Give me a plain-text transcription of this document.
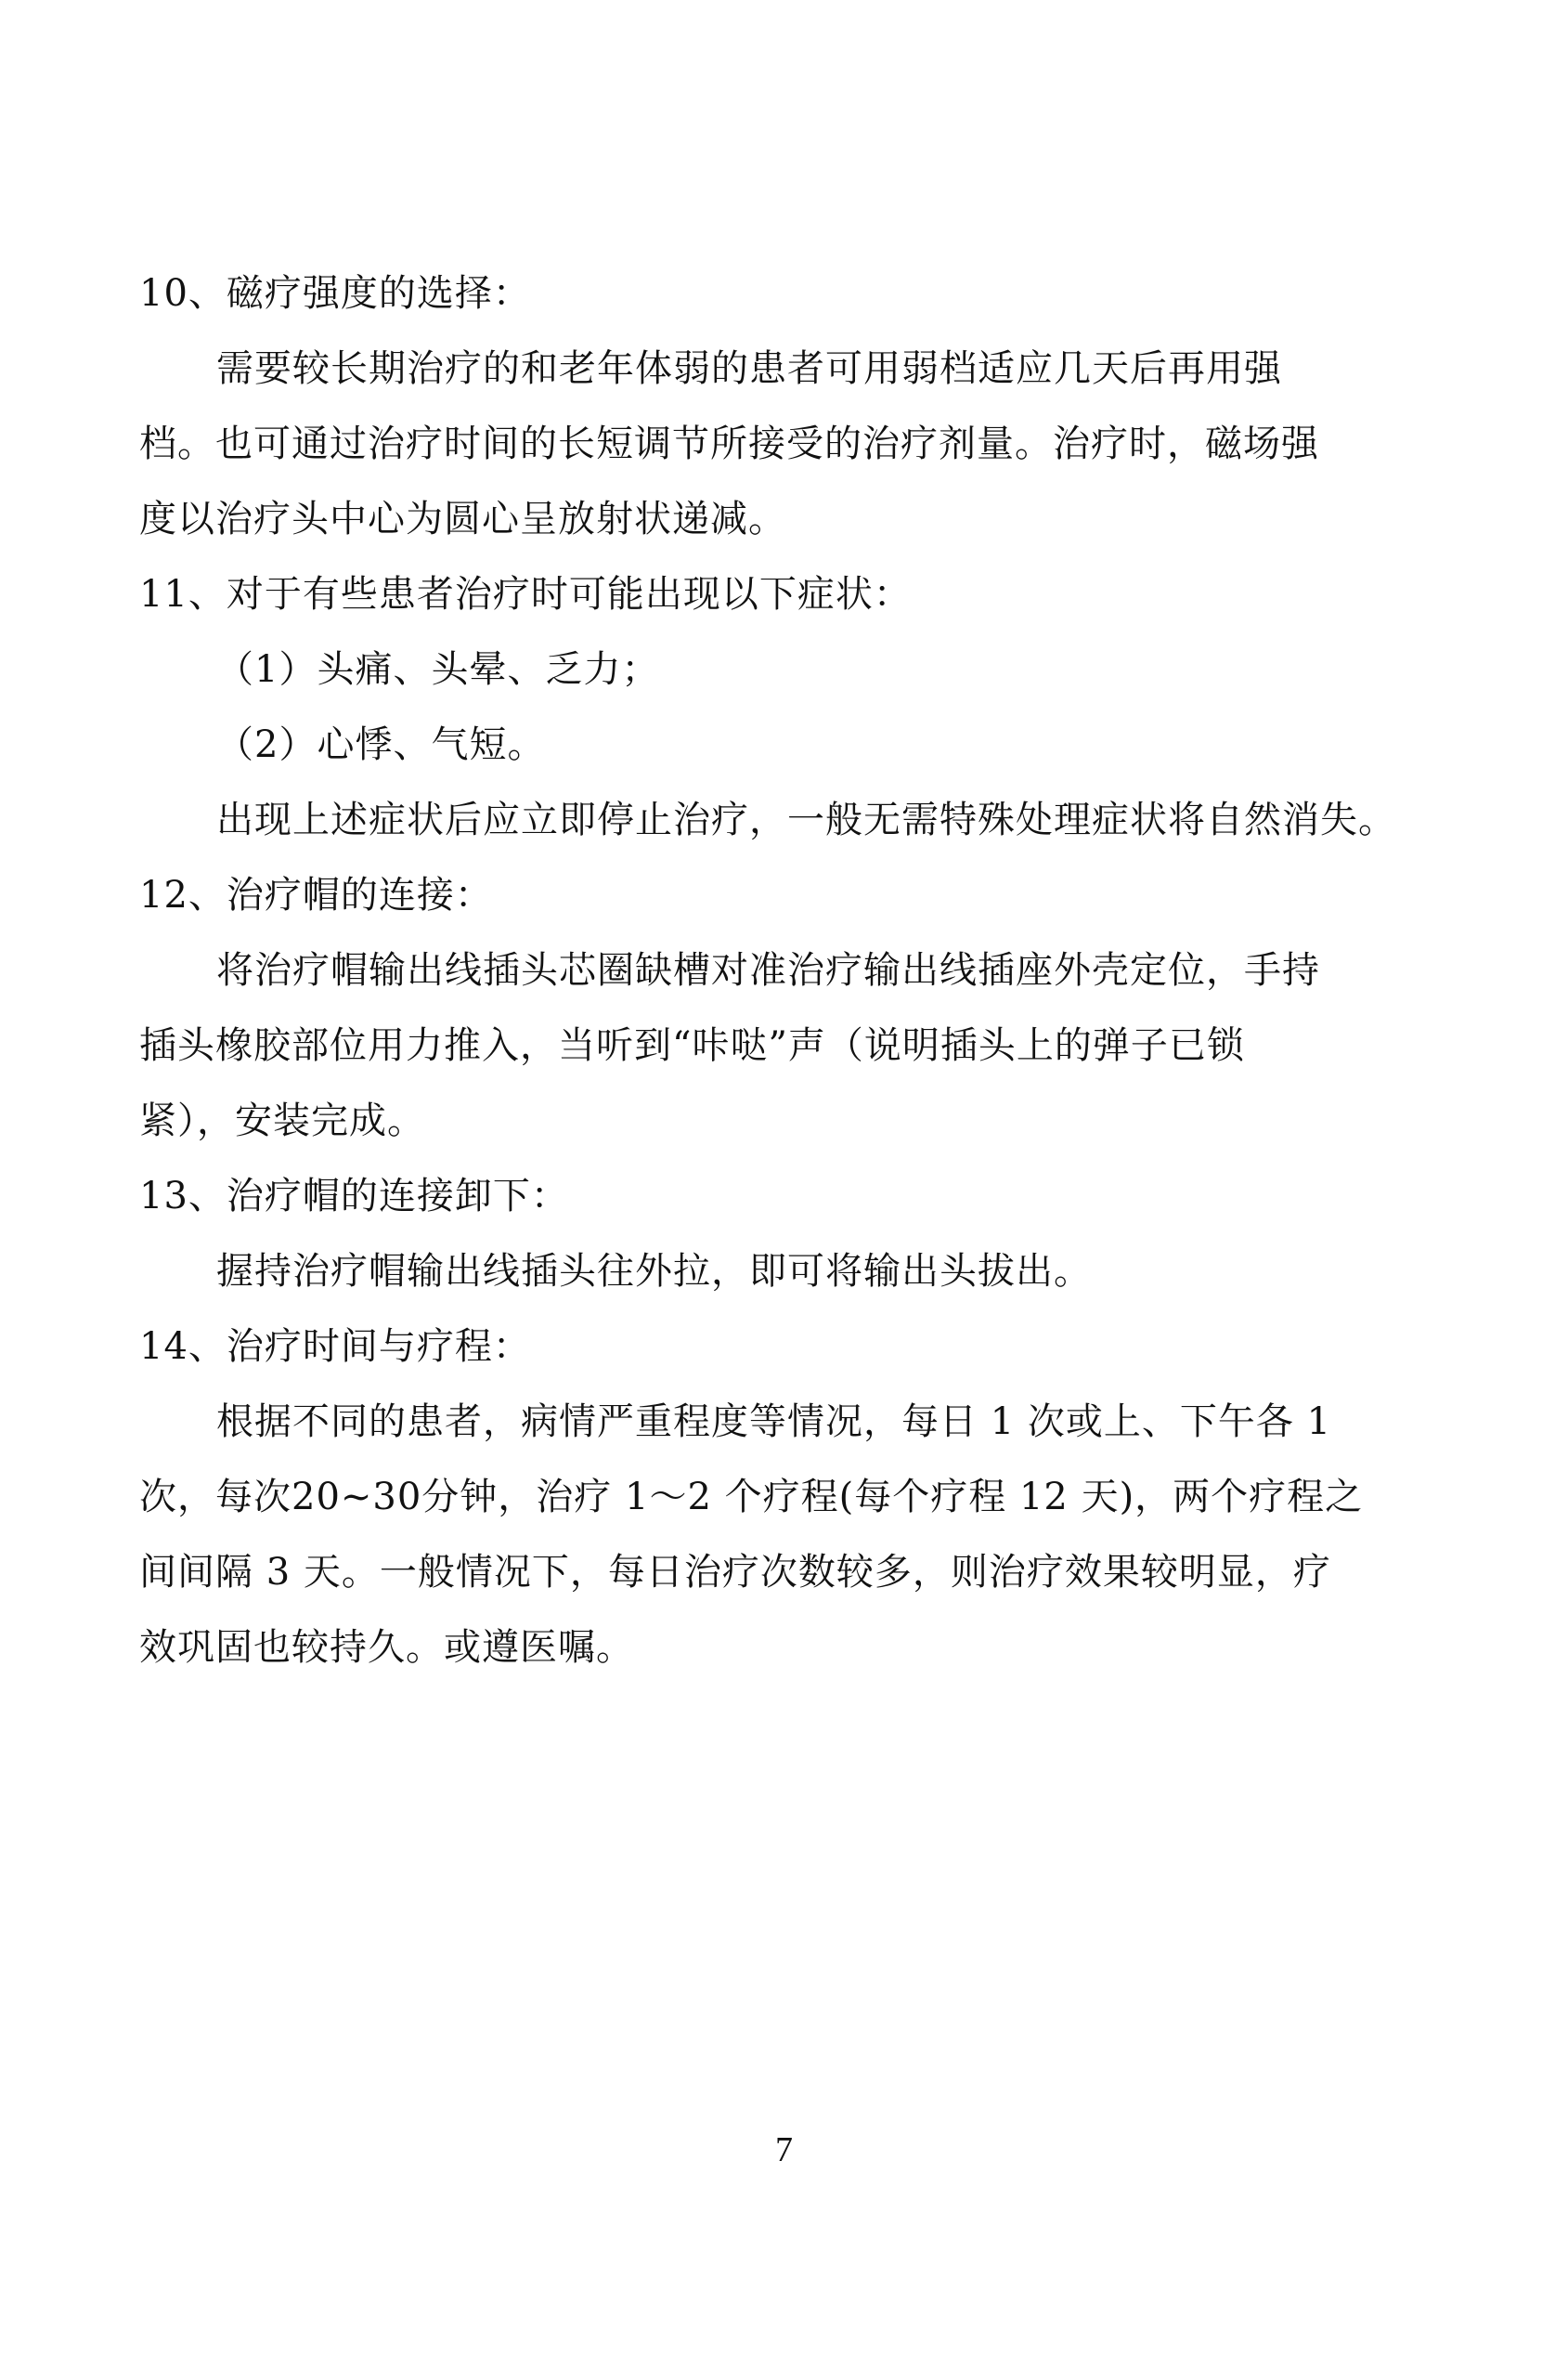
10、磁疗强度的选择：
需要较长期治疗的和老年体弱的患者可用弱档适应几天后再用强
档。也可通过治疗时间的长短调节所接受的治疗剂量。治疗时，磁场强
度以治疗头中心为圆心呈放射状递减。
11、对于有些患者治疗时可能出现以下症状：
（1）头痛、头晕、乏力；
（2）心悸、气短。
出现上述症状后应立即停止治疗，一般无需特殊处理症状将自然消失。
12、治疗帽的连接：
将治疗帽输出线插头芯圈缺槽对准治疗输出线插座外壳定位，手持
插头橡胶部位用力推入，当听到“咔哒”声（说明插头上的弹子已锁
紧），安装完成。
13、治疗帽的连接卸下：
握持治疗帽输出线插头往外拉，即可将输出头拔出。
14、治疗时间与疗程：
根据不同的患者，病情严重程度等情况，每日 1 次或上、下午各 1
次，每次20~30分钟，治疗 1～2 个疗程(每个疗程 12 天)，两个疗程之
间间隔 3 天。一般情况下，每日治疗次数较多，则治疗效果较明显，疗
效巩固也较持久。或遵医嘱。
7
